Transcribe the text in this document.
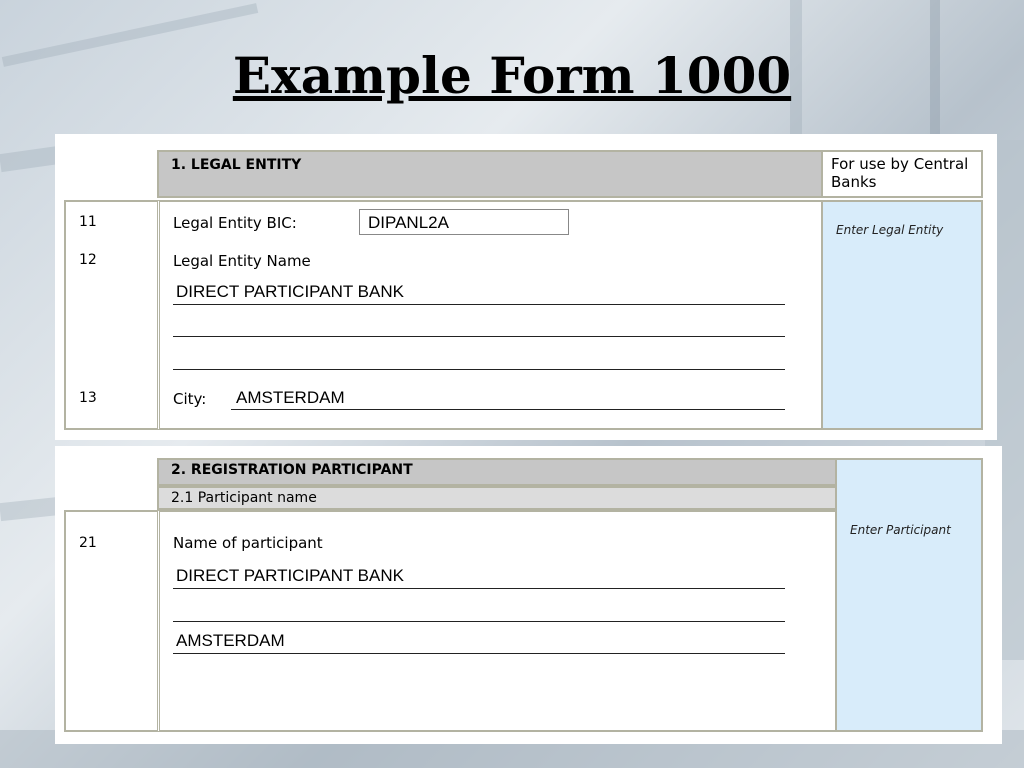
Example Form 1000
1. LEGAL ENTITY	For use by Central Banks
11	Legal Entity BIC:	DIPANL2A
12	Legal Entity Name
DIRECT PARTICIPANT BANK
13	City: AMSTERDAM
Enter Legal Entity
2. REGISTRATION PARTICIPANT
2.1 Participant name
21	Name of participant
DIRECT PARTICIPANT BANK
AMSTERDAM
Enter Participant
